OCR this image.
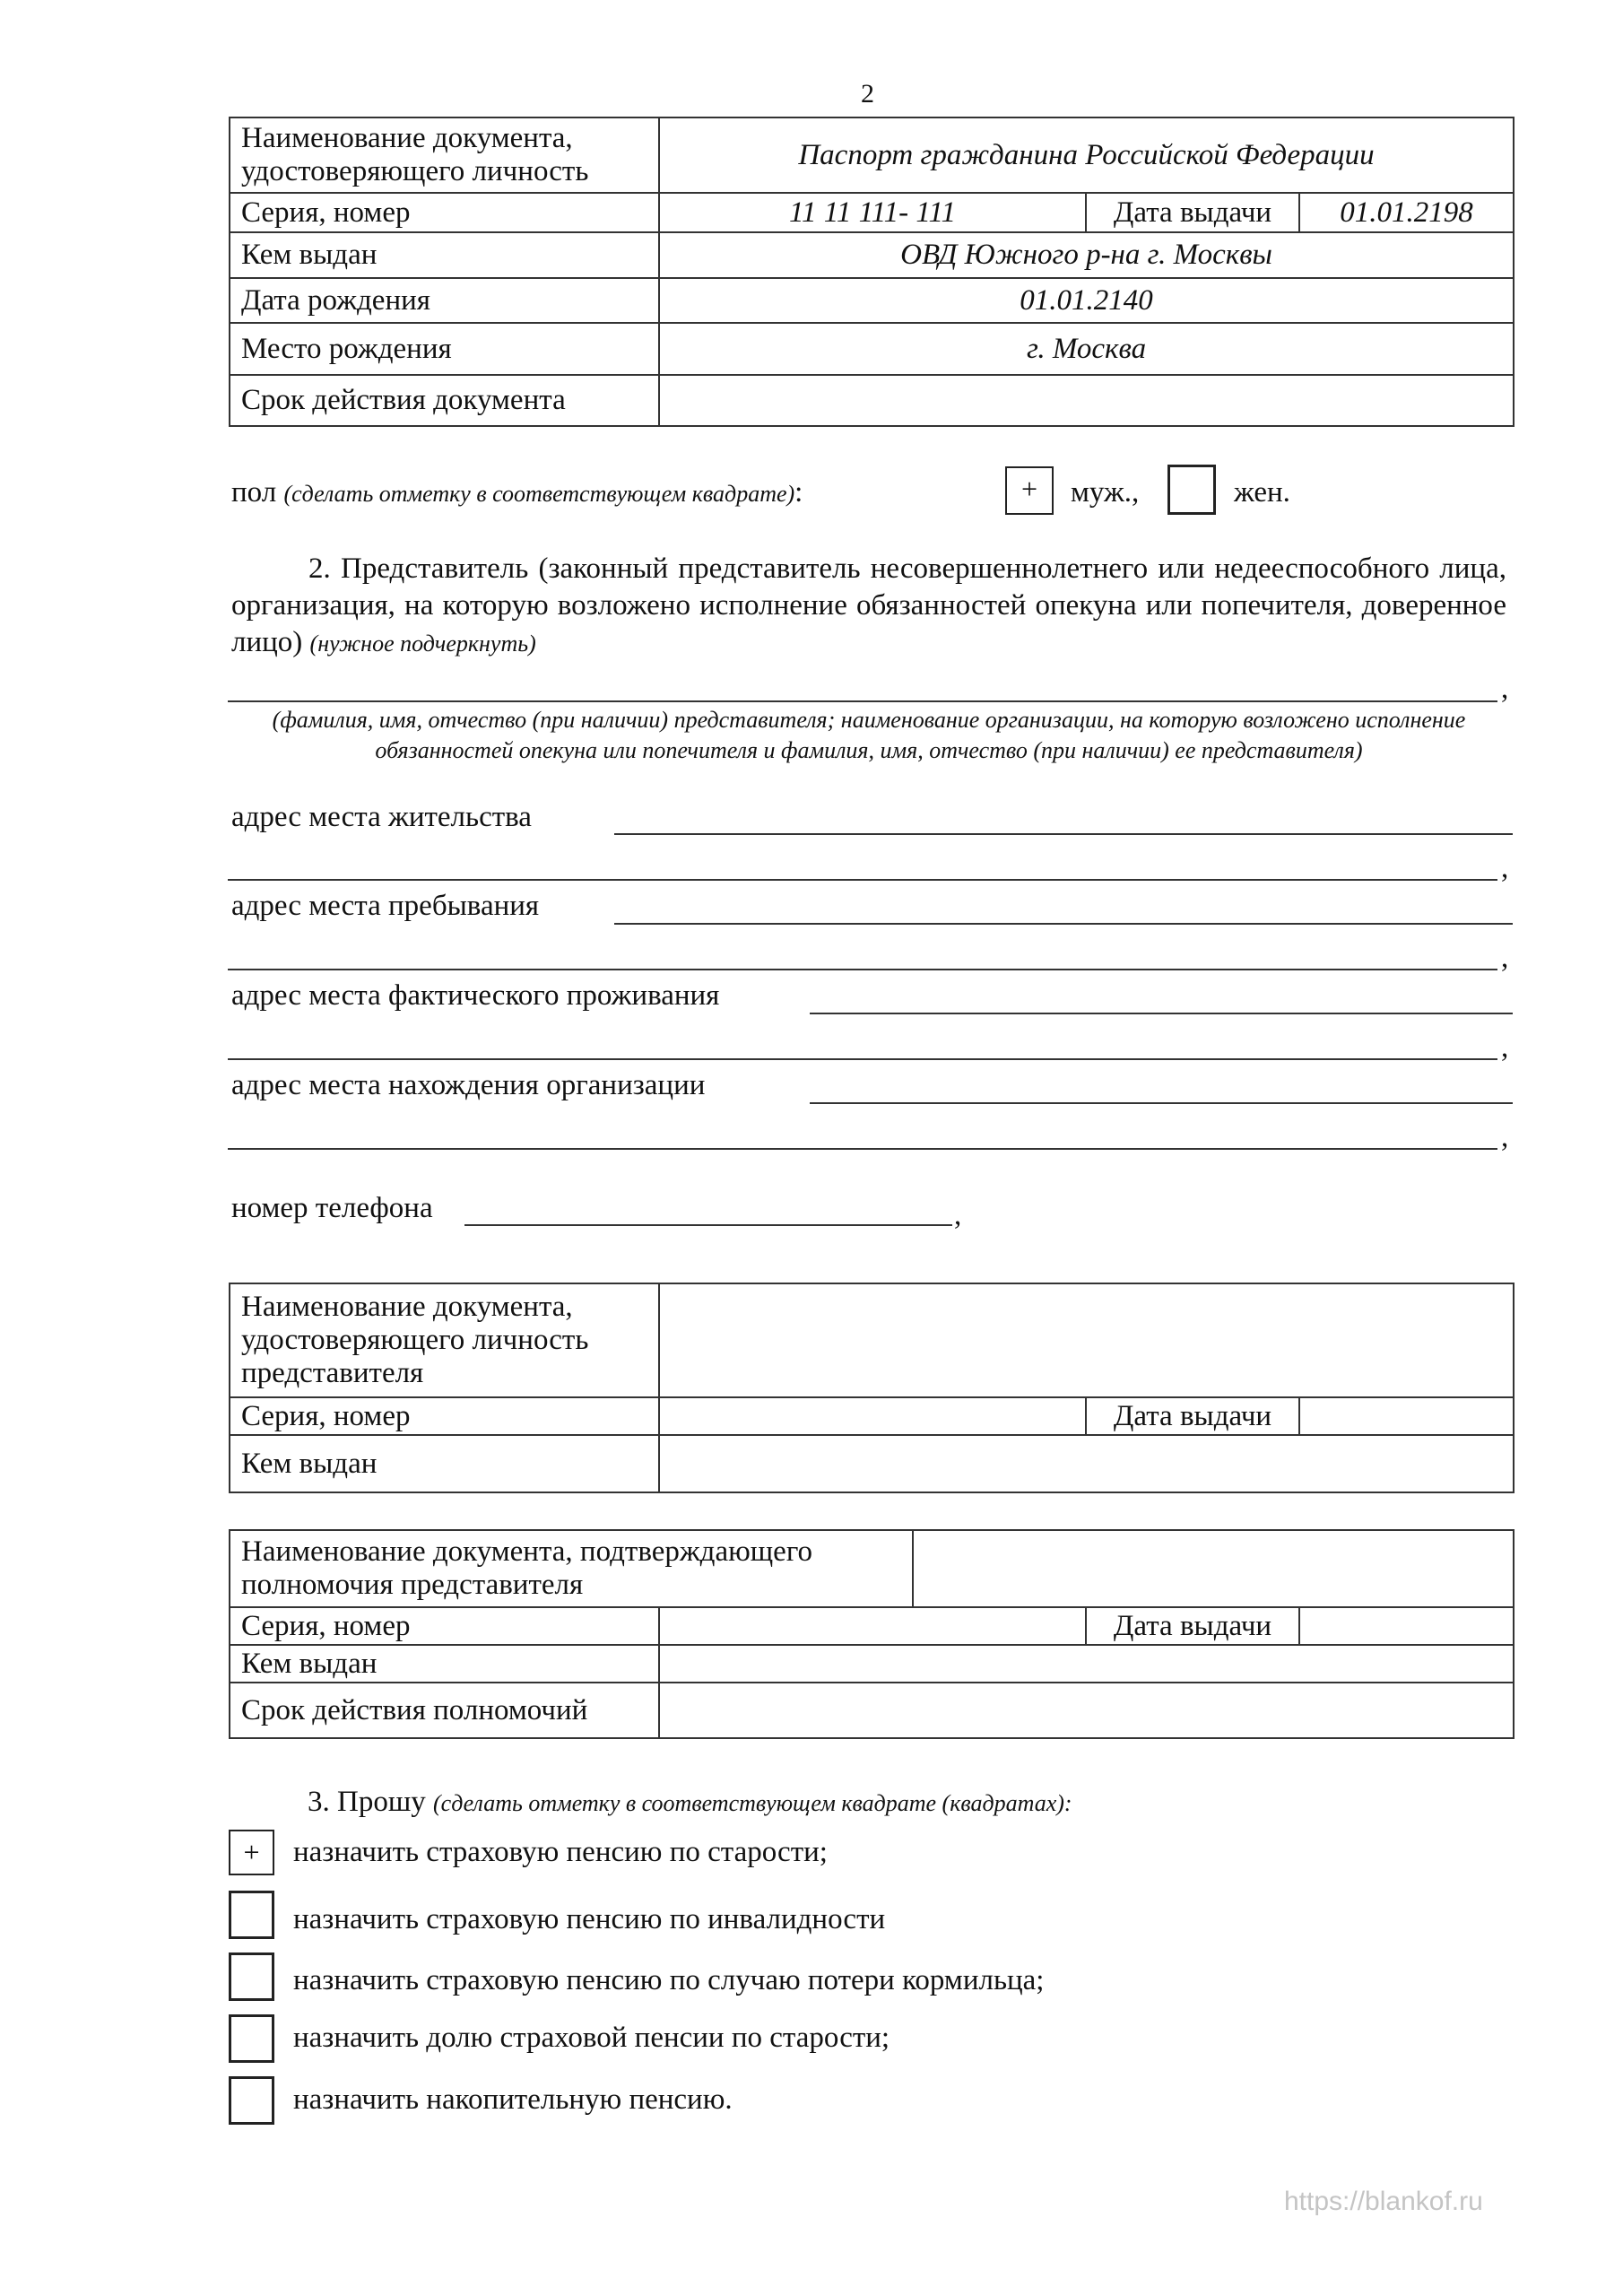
2
Наименование документа, удостоверяющего личность	Паспорт гражданина Российской Федерации		
Серия, номер	11 11 111- 111	Дата выдачи	01.01.2198
Кем выдан	ОВД Южного р-на г. Москвы		
Дата рождения	01.01.2140		
Место рождения	г. Москва		
Срок действия документа			
пол (сделать отметку в соответствующем квадрате):	+	муж.,	жен.
2. Представитель (законный представитель несовершеннолетнего или недееспособного лица, организация, на которую возложено исполнение обязанностей опекуна или попечителя, доверенное лицо) (нужное подчеркнуть)
,
(фамилия, имя, отчество (при наличии) представителя; наименование организации, на которую возложено исполнение обязанностей опекуна или попечителя и фамилия, имя, отчество (при наличии) ее представителя)
адрес места жительства
,
адрес места пребывания
,
адрес места фактического проживания
,
адрес места нахождения организации
,
номер телефона	,
Наименование документа, удостоверяющего личность представителя			
Серия, номер		Дата выдачи	
Кем выдан			
Наименование документа, подтверждающего полномочия представителя				
Серия, номер			Дата выдачи	
Кем выдан				
Срок действия полномочий				
3. Прошу (сделать отметку в соответствующем квадрате (квадратах):
+	назначить страховую пенсию по старости;
назначить страховую пенсию по инвалидности
назначить страховую пенсию по случаю потери кормильца;
назначить долю страховой пенсии по старости;
назначить накопительную пенсию.
https://blankof.ru
